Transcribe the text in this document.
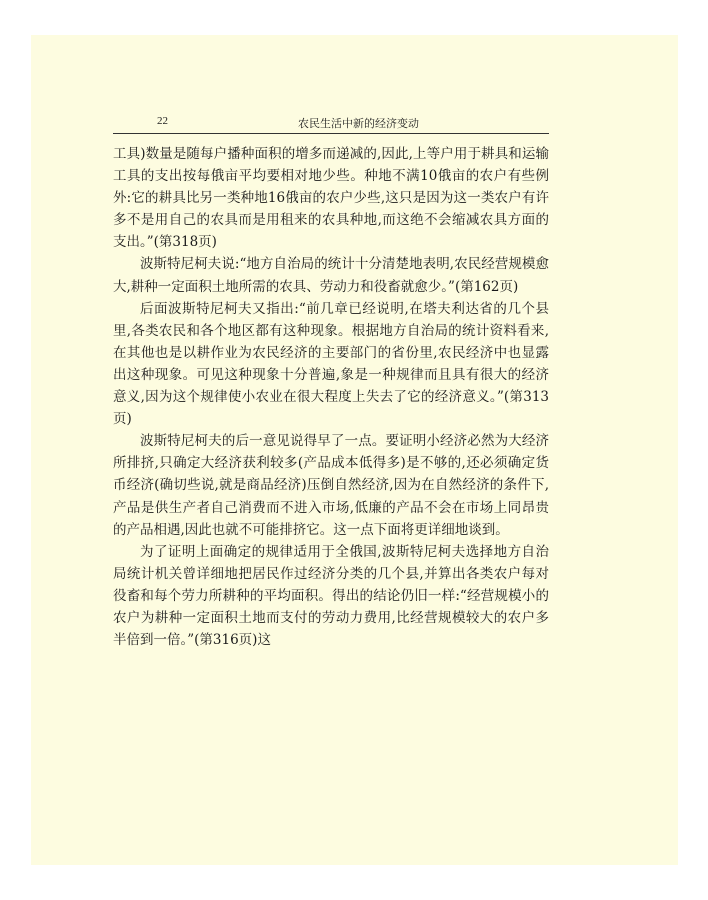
22	农民生活中新的经济变动

工具)数量是随每户播种面积的增多而递减的,因此,上等户用于耕具和运输工具的支出按每俄亩平均要相对地少些。种地不满10俄亩的农户有些例外:它的耕具比另一类种地16俄亩的农户少些,这只是因为这一类农户有许多不是用自己的农具而是用租来的农具种地,而这绝不会缩减农具方面的支出。”(第318页)

波斯特尼柯夫说:“地方自治局的统计十分清楚地表明,农民经营规模愈大,耕种一定面积土地所需的农具、劳动力和役畜就愈少。”(第162页)

后面波斯特尼柯夫又指出:“前几章已经说明,在塔夫利达省的几个县里,各类农民和各个地区都有这种现象。根据地方自治局的统计资料看来,在其他也是以耕作业为农民经济的主要部门的省份里,农民经济中也显露出这种现象。可见这种现象十分普遍,象是一种规律而且具有很大的经济意义,因为这个规律使小农业在很大程度上失去了它的经济意义。”(第313页)

波斯特尼柯夫的后一意见说得早了一点。要证明小经济必然为大经济所排挤,只确定大经济获利较多(产品成本低得多)是不够的,还必须确定货币经济(确切些说,就是商品经济)压倒自然经济,因为在自然经济的条件下,产品是供生产者自己消费而不进入市场,低廉的产品不会在市场上同昂贵的产品相遇,因此也就不可能排挤它。这一点下面将更详细地谈到。

为了证明上面确定的规律适用于全俄国,波斯特尼柯夫选择地方自治局统计机关曾详细地把居民作过经济分类的几个县,并算出各类农户每对役畜和每个劳力所耕种的平均面积。得出的结论仍旧一样:“经营规模小的农户为耕种一定面积土地而支付的劳动力费用,比经营规模较大的农户多半倍到一倍。”(第316页)这
